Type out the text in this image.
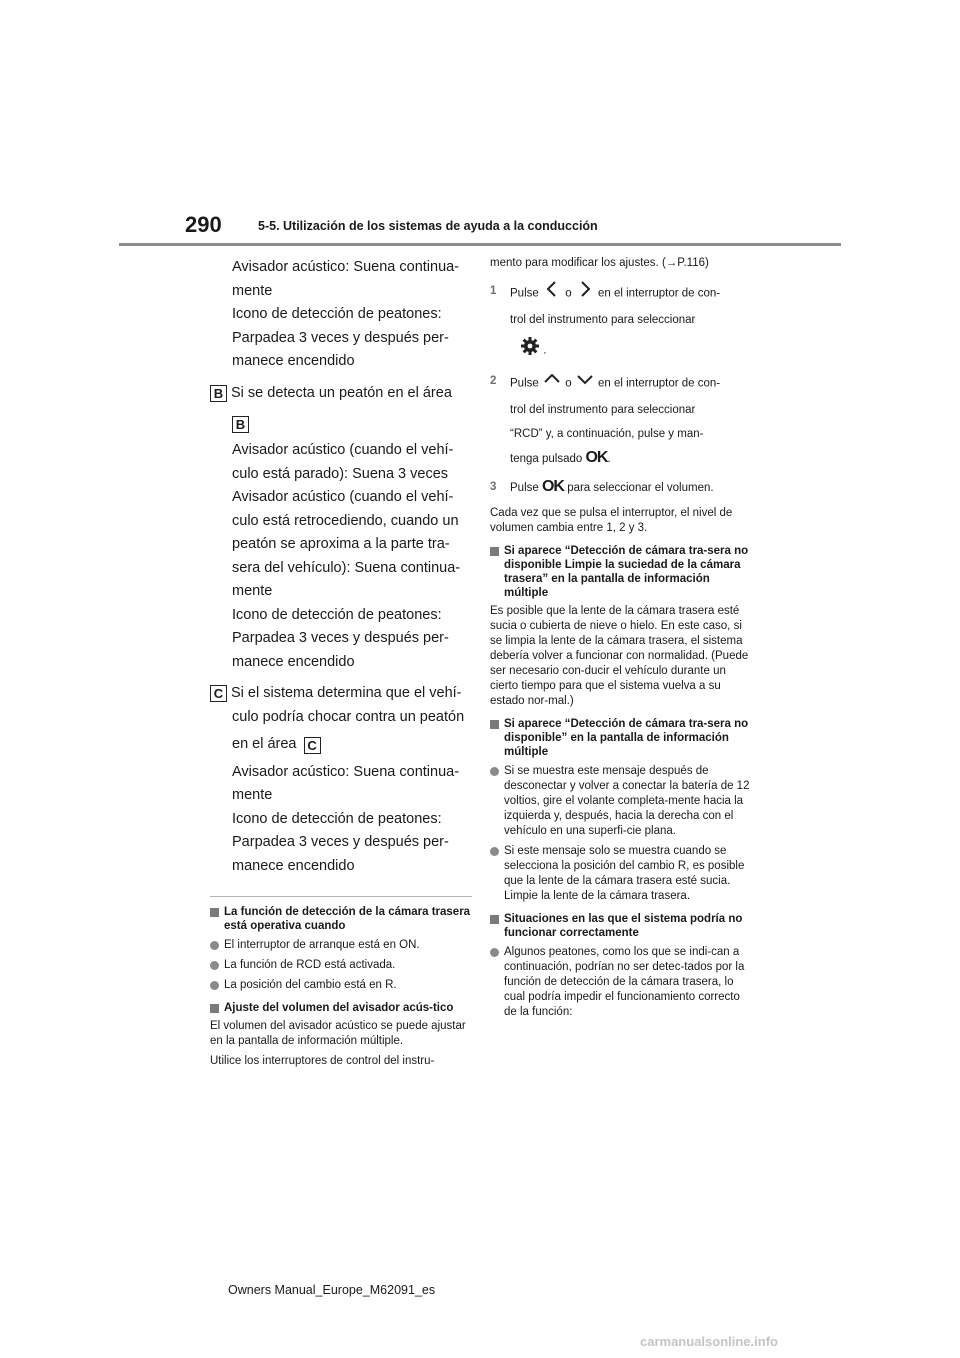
290	5-5. Utilización de los sistemas de ayuda a la conducción

Avisador acústico: Suena continua-

mente

Icono de detección de peatones:

Parpadea 3 veces y después per-

manece encendido

B Si se detecta un peatón en el área

B

Avisador acústico (cuando el vehí-

culo está parado): Suena 3 veces

Avisador acústico (cuando el vehí-

culo está retrocediendo, cuando un

peatón se aproxima a la parte tra-

sera del vehículo): Suena continua-

mente

Icono de detección de peatones:

Parpadea 3 veces y después per-

manece encendido

C Si el sistema determina que el vehí-

culo podría chocar contra un peatón

en el área C

Avisador acústico: Suena continua-

mente

Icono de detección de peatones:

Parpadea 3 veces y después per-

manece encendido

La función de detección de la cámara trasera está operativa cuando
El interruptor de arranque está en ON.
La función de RCD está activada.
La posición del cambio está en R.
Ajuste del volumen del avisador acús-tico

El volumen del avisador acústico se puede ajustar en la pantalla de información múltiple.

Utilice los interruptores de control del instru-

mento para modificar los ajustes. (→P.116)

1	Pulse o en el interruptor de con-
trol del instrumento para seleccionar
.
2	Pulse o en el interruptor de con-
trol del instrumento para seleccionar
“RCD” y, a continuación, pulse y man-
tenga pulsado OK.
3	Pulse OK para seleccionar el volumen.

Cada vez que se pulsa el interruptor, el nivel de volumen cambia entre 1, 2 y 3.

Si aparece “Detección de cámara tra-sera no disponible Limpie la suciedad de la cámara trasera” en la pantalla de información múltiple

Es posible que la lente de la cámara trasera esté sucia o cubierta de nieve o hielo. En este caso, si se limpia la lente de la cámara trasera, el sistema debería volver a funcionar con normalidad. (Puede ser necesario con-ducir el vehículo durante un cierto tiempo para que el sistema vuelva a su estado nor-mal.)

Si aparece “Detección de cámara tra-sera no disponible” en la pantalla de información múltiple
Si se muestra este mensaje después de desconectar y volver a conectar la batería de 12 voltios, gire el volante completa-mente hacia la izquierda y, después, hacia la derecha con el vehículo en una superfi-cie plana.
Si este mensaje solo se muestra cuando se selecciona la posición del cambio R, es posible que la lente de la cámara trasera esté sucia. Limpie la lente de la cámara trasera.
Situaciones en las que el sistema podría no funcionar correctamente
Algunos peatones, como los que se indi-can a continuación, podrían no ser detec-tados por la función de detección de la cámara trasera, lo cual podría impedir el funcionamiento correcto de la función:
Owners Manual_Europe_M62091_es
carmanualsonline.info
